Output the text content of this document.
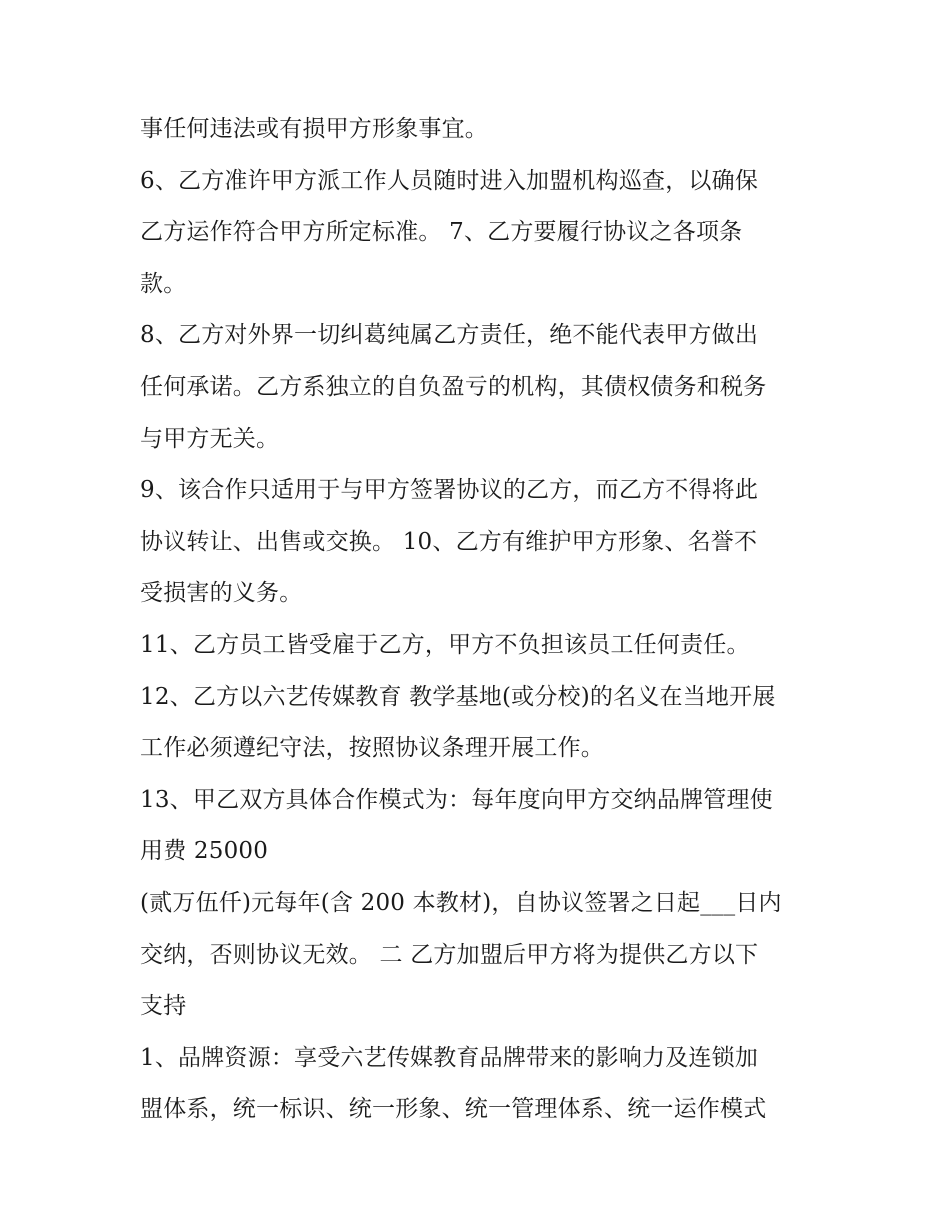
事任何违法或有损甲方形象事宜。
6、乙方准许甲方派工作人员随时进入加盟机构巡查，以确保
乙方运作符合甲方所定标准。 7、乙方要履行协议之各项条
款。
8、乙方对外界一切纠葛纯属乙方责任，绝不能代表甲方做出
任何承诺。乙方系独立的自负盈亏的机构，其债权债务和税务
与甲方无关。
9、该合作只适用于与甲方签署协议的乙方，而乙方不得将此
协议转让、出售或交换。 10、乙方有维护甲方形象、名誉不
受损害的义务。
11、乙方员工皆受雇于乙方，甲方不负担该员工任何责任。
12、乙方以六艺传媒教育 教学基地(或分校)的名义在当地开展
工作必须遵纪守法，按照协议条理开展工作。
13、甲乙双方具体合作模式为：每年度向甲方交纳品牌管理使
用费 25000
(贰万伍仟)元每年(含 200 本教材)，自协议签署之日起___日内
交纳，否则协议无效。 二 乙方加盟后甲方将为提供乙方以下
支持
1、品牌资源：享受六艺传媒教育品牌带来的影响力及连锁加
盟体系，统一标识、统一形象、统一管理体系、统一运作模式
